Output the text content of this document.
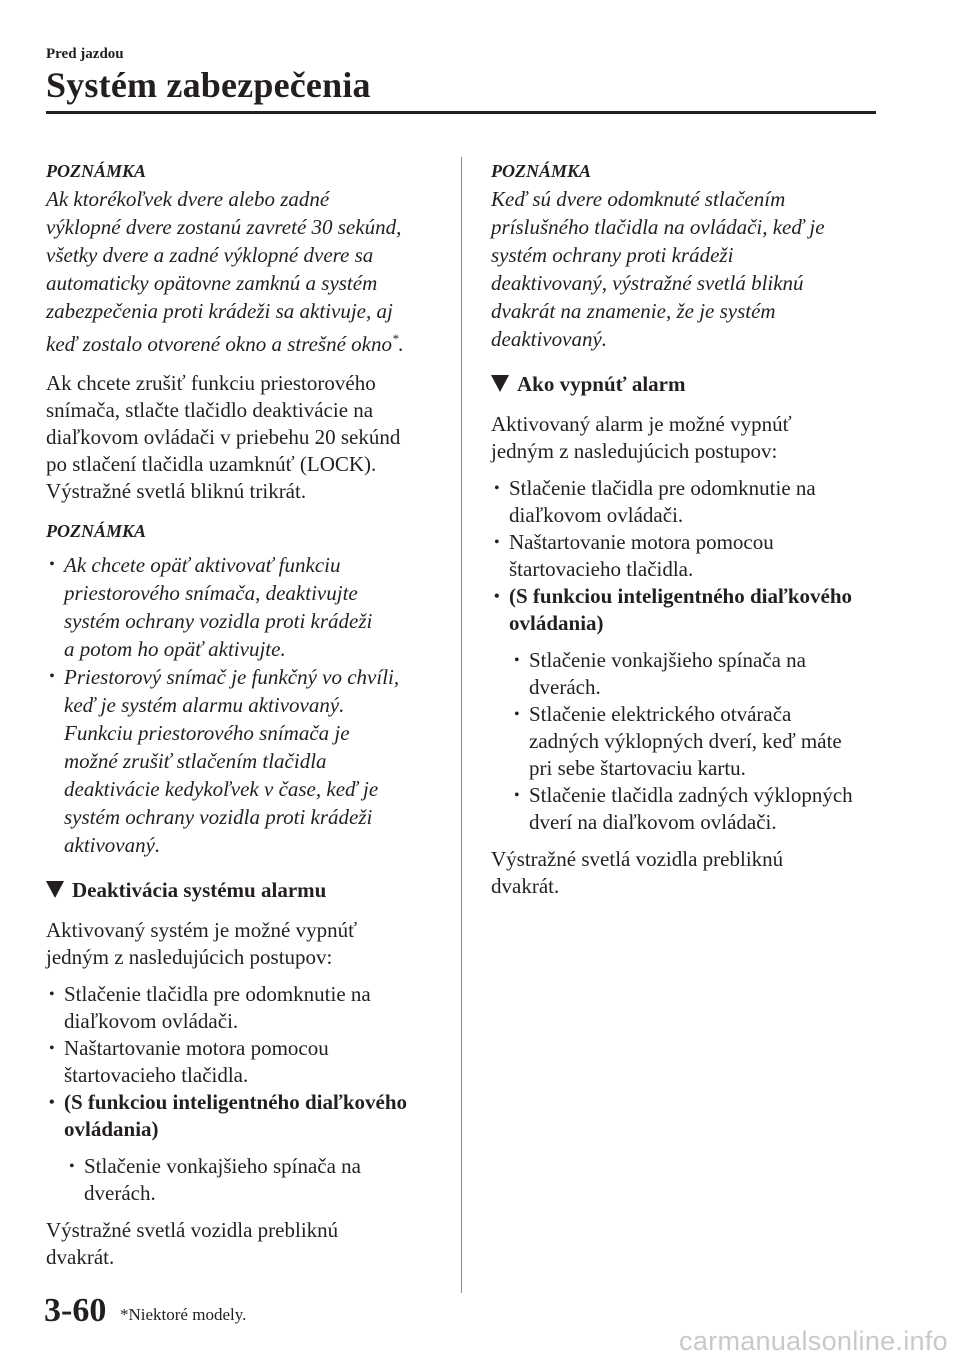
Pred jazdou
Systém zabezpečenia
POZNÁMKA

Ak ktorékoľvek dvere alebo zadné
výklopné dvere zostanú zavreté 30 sekúnd,
všetky dvere a zadné výklopné dvere sa
automaticky opätovne zamknú a systém
zabezpečenia proti krádeži sa aktivuje, aj
keď zostalo otvorené okno a strešné okno*.

Ak chcete zrušiť funkciu priestorového
snímača, stlačte tlačidlo deaktivácie na
diaľkovom ovládači v priebehu 20 sekúnd
po stlačení tlačidla uzamknúť (LOCK).
Výstražné svetlá bliknú trikrát.

POZNÁMKA
• Ak chcete opäť aktivovať funkciu
priestorového snímača, deaktivujte
systém ochrany vozidla proti krádeži
a potom ho opäť aktivujte.
• Priestorový snímač je funkčný vo chvíli,
keď je systém alarmu aktivovaný.
Funkciu priestorového snímača je
možné zrušiť stlačením tlačidla
deaktivácie kedykoľvek v čase, keď je
systém ochrany vozidla proti krádeži
aktivovaný.
Deaktivácia systému alarmu

Aktivovaný systém je možné vypnúť
jedným z nasledujúcich postupov:

• Stlačenie tlačidla pre odomknutie na
diaľkovom ovládači.
• Naštartovanie motora pomocou
štartovacieho tlačidla.
• (S funkciou inteligentného diaľkového
ovládania)
• Stlačenie vonkajšieho spínača na
dverách.

Výstražné svetlá vozidla prebliknú
dvakrát.

POZNÁMKA

Keď sú dvere odomknuté stlačením
príslušného tlačidla na ovládači, keď je
systém ochrany proti krádeži
deaktivovaný, výstražné svetlá bliknú
dvakrát na znamenie, že je systém
deaktivovaný.

Ako vypnúť alarm

Aktivovaný alarm je možné vypnúť
jedným z nasledujúcich postupov:

• Stlačenie tlačidla pre odomknutie na
diaľkovom ovládači.
• Naštartovanie motora pomocou
štartovacieho tlačidla.
• (S funkciou inteligentného diaľkového
ovládania)
• Stlačenie vonkajšieho spínača na
dverách.
• Stlačenie elektrického otvárača
zadných výklopných dverí, keď máte
pri sebe štartovaciu kartu.
• Stlačenie tlačidla zadných výklopných
dverí na diaľkovom ovládači.

Výstražné svetlá vozidla prebliknú
dvakrát.

3-60 *Niektoré modely.
carmanualsonline.info
